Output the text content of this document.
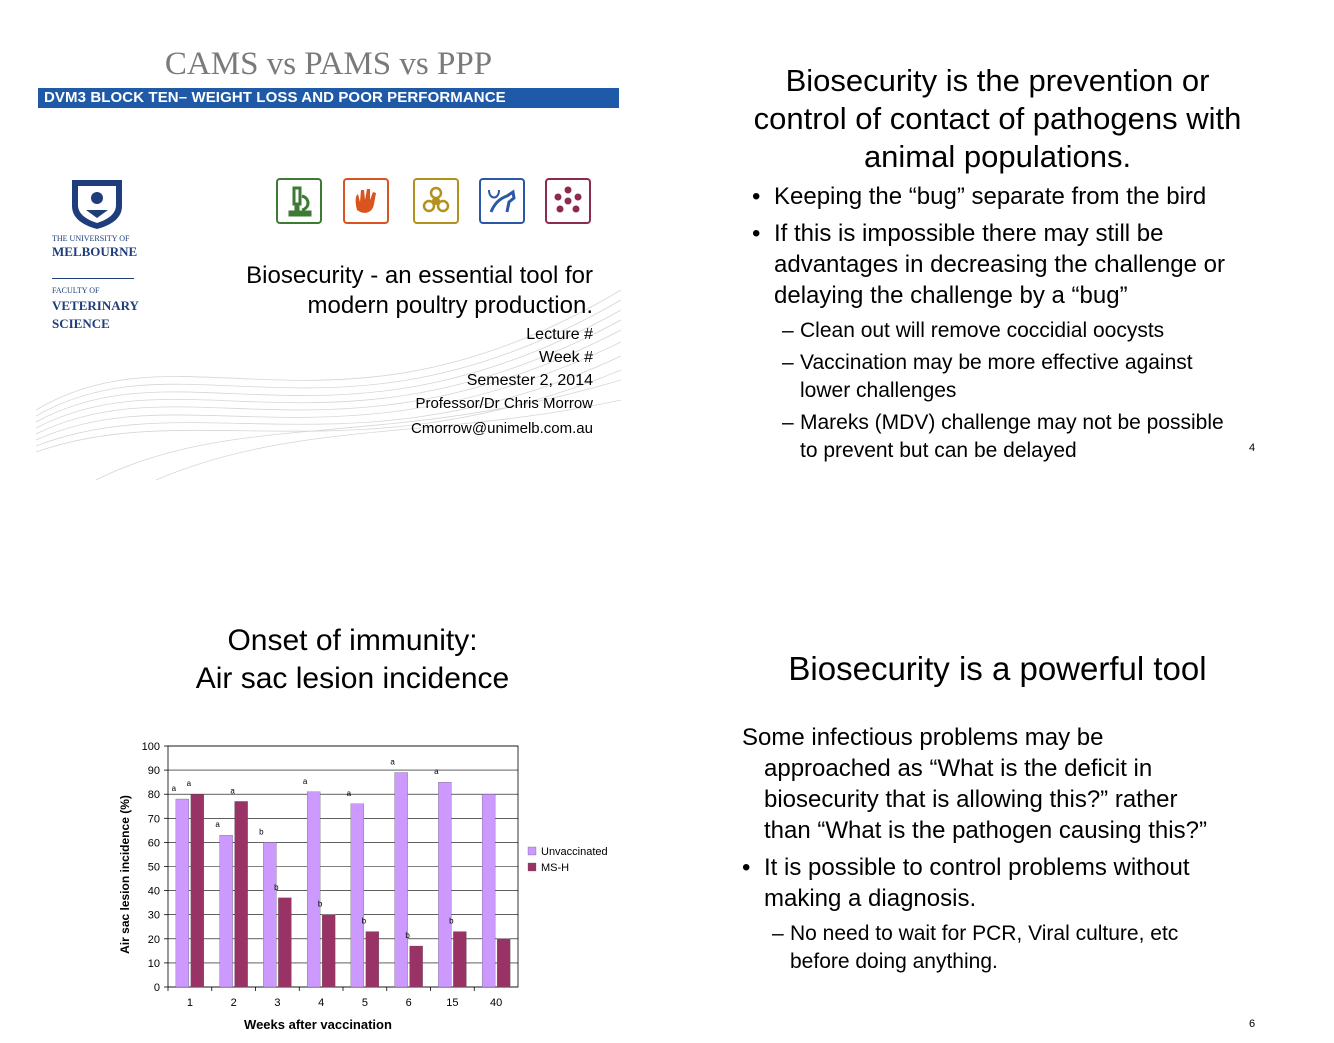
CAMS vs PAMS vs PPP
DVM3 BLOCK TEN– WEIGHT LOSS AND POOR PERFORMANCE
THE UNIVERSITY OF
MELBOURNE
FACULTY OF
VETERINARY
SCIENCE
Biosecurity - an essential tool for
modern poultry production.
Lecture #
Week #
Semester 2, 2014
Professor/Dr Chris Morrow
Cmorrow@unimelb.com.au
Biosecurity is the prevention or
control of contact of pathogens with
animal populations.
• Keeping the “bug” separate from the bird
• If this is impossible there may still be
advantages in decreasing the challenge or
delaying the challenge by a “bug”
– Clean out will remove coccidial oocysts
– Vaccination may be more effective against
lower challenges
– Mareks (MDV) challenge may not be possible
to prevent but can be delayed	4
Onset of immunity:
Air sac lesion incidence
0
10
20
30
40
50
60
70
80
90
100
a
a
1
a
a
2
b
b
3
a
b
4
a
b
5
a
b
6
a
b
15	40
Weeks after vaccination
Air sac lesion incidence (%)	Unvaccinated
MS-H
Biosecurity is a powerful tool
Some infectious problems may be
approached as “What is the deficit in
biosecurity that is allowing this?” rather
than “What is the pathogen causing this?”
• It is possible to control problems without
making a diagnosis.
– No need to wait for PCR, Viral culture, etc
before doing anything.
6
